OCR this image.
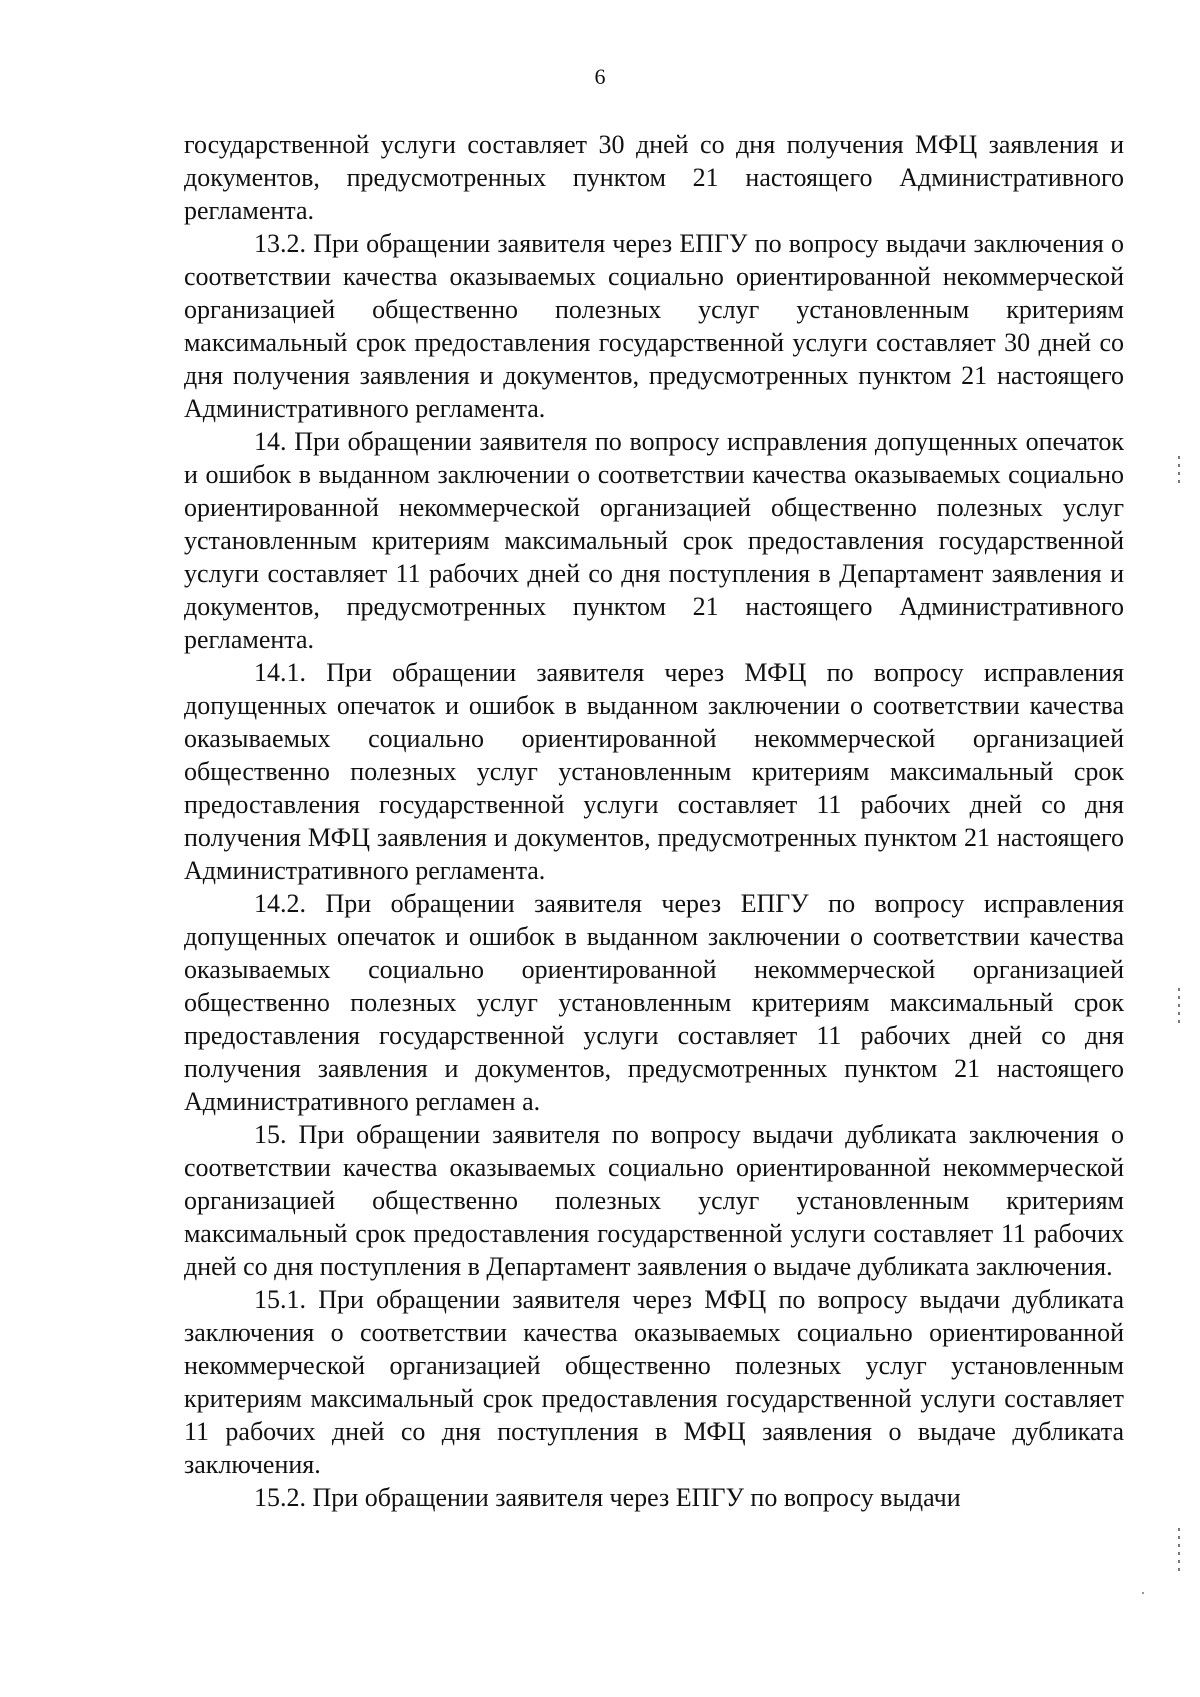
6

государственной услуги составляет 30 дней со дня получения МФЦ заявления и документов, предусмотренных пунктом 21 настоящего Административного регламента.

13.2. При обращении заявителя через ЕПГУ по вопросу выдачи заключения о соответствии качества оказываемых социально ориентированной некоммерческой организацией общественно полезных услуг установленным критериям максимальный срок предоставления государственной услуги составляет 30 дней со дня получения заявления и документов, предусмотренных пунктом 21 настоящего Административного регламента.

14. При обращении заявителя по вопросу исправления допущенных опечаток и ошибок в выданном заключении о соответствии качества оказываемых социально ориентированной некоммерческой организацией общественно полезных услуг установленным критериям максимальный срок предоставления государственной услуги составляет 11 рабочих дней со дня поступления в Департамент заявления и документов, предусмотренных пунктом 21 настоящего Административного регламента.

14.1. При обращении заявителя через МФЦ по вопросу исправления допущенных опечаток и ошибок в выданном заключении о соответствии качества оказываемых социально ориентированной некоммерческой организацией общественно полезных услуг установленным критериям максимальный срок предоставления государственной услуги составляет 11 рабочих дней со дня получения МФЦ заявления и документов, предусмотренных пунктом 21 настоящего Административного регламента.

14.2. При обращении заявителя через ЕПГУ по вопросу исправления допущенных опечаток и ошибок в выданном заключении о соответствии качества оказываемых социально ориентированной некоммерческой организацией общественно полезных услуг установленным критериям максимальный срок предоставления государственной услуги составляет 11 рабочих дней со дня получения заявления и документов, предусмотренных пунктом 21 настоящего Административного регламен а.

15. При обращении заявителя по вопросу выдачи дубликата заключения о соответствии качества оказываемых социально ориентированной некоммерческой организацией общественно полезных услуг установленным критериям максимальный срок предоставления государственной услуги составляет 11 рабочих дней со дня поступления в Департамент заявления о выдаче дубликата заключения.

15.1. При обращении заявителя через МФЦ по вопросу выдачи дубликата заключения о соответствии качества оказываемых социально ориентированной некоммерческой организацией общественно полезных услуг установленным критериям максимальный срок предоставления государственной услуги составляет 11 рабочих дней со дня поступления в МФЦ заявления о выдаче дубликата заключения.

15.2. При обращении заявителя через ЕПГУ по вопросу выдачи
